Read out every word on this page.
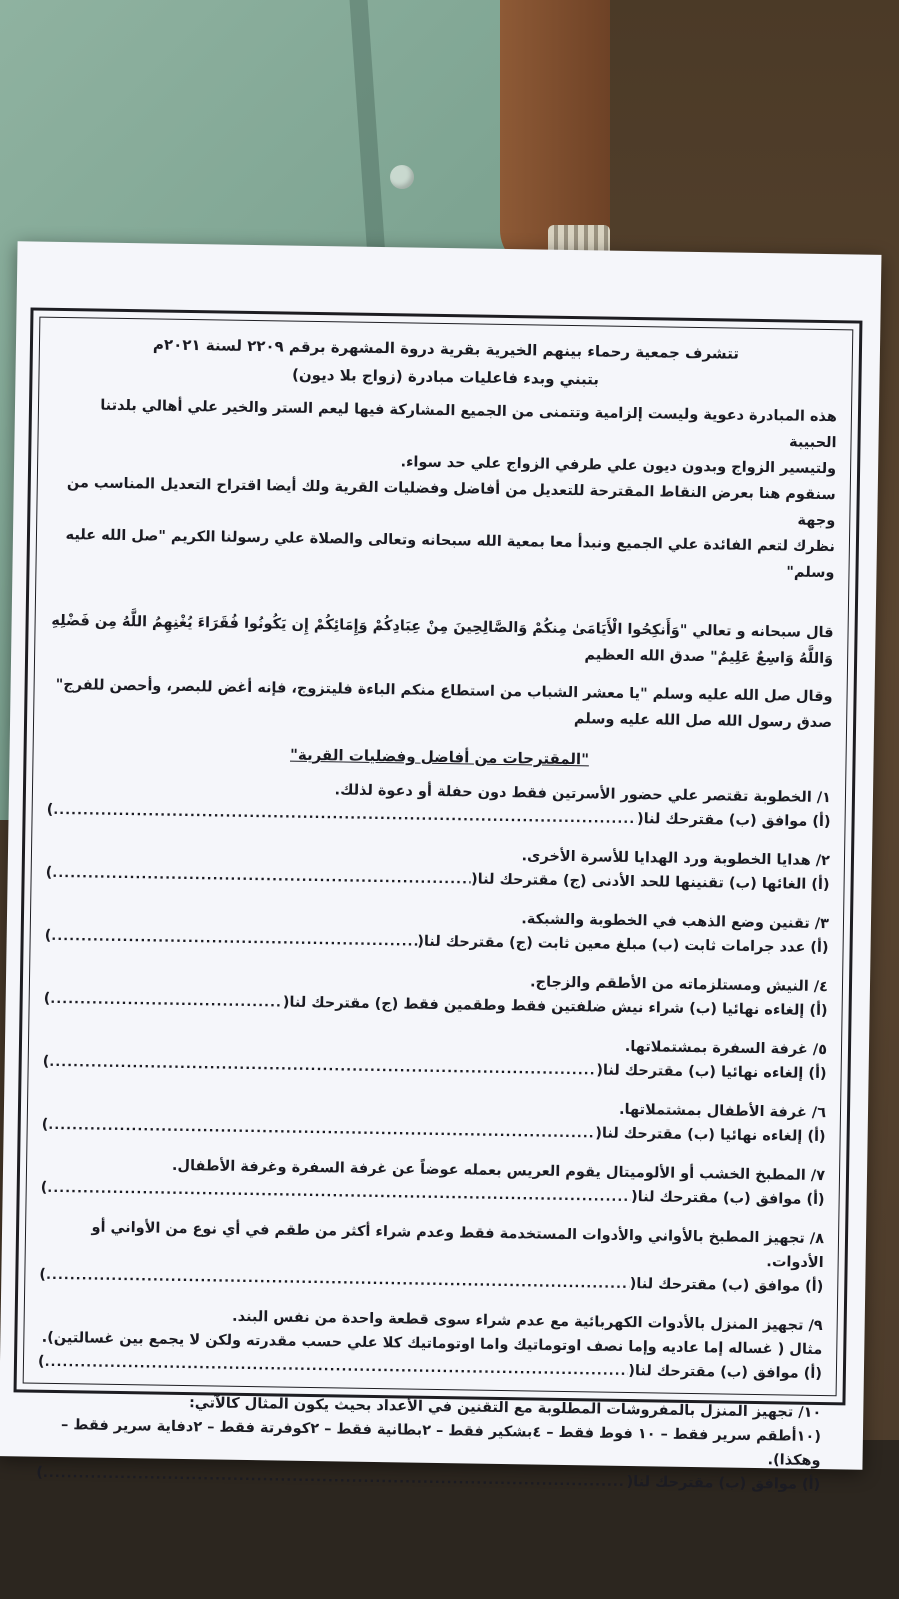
تتشرف جمعية رحماء بينهم الخيرية بقرية دروة المشهرة برقم ٢٢٠٩ لسنة ٢٠٢١م
بتبني وبدء فاعليات مبادرة (زواج بلا ديون)

هذه المبادرة دعوية وليست إلزامية وتتمنى من الجميع المشاركة فيها ليعم الستر والخير علي أهالي بلدتنا الحبيبة

ولتيسير الزواج وبدون ديون علي طرفي الزواج علي حد سواء.

سنقوم هنا بعرض النقاط المقترحة للتعديل من أفاضل وفضليات القرية ولك أيضا اقتراح التعديل المناسب من وجهة

نظرك لتعم الفائدة علي الجميع ونبدأ معا بمعية الله سبحانه وتعالى والصلاة علي رسولنا الكريم "صل الله عليه وسلم"

قال سبحانه و تعالي "وَأَنكِحُوا الْأَيَامَىٰ مِنكُمْ وَالصَّالِحِينَ مِنْ عِبَادِكُمْ وَإِمَائِكُمْ إِن يَكُونُوا فُقَرَاءَ يُغْنِهِمُ اللَّهُ مِن فَضْلِهِ

وَاللَّهُ وَاسِعٌ عَلِيمٌ" صدق الله العظيم

وقال صل الله عليه وسلم "يا معشر الشباب من استطاع منكم الباءة فليتزوج، فإنه أغض للبصر، وأحصن للفرج"

صدق رسول الله صل الله عليه وسلم

"المقترحات من أفاضل وفضليات القرية"
١/ الخطوبة تقتصر علي حضور الأسرتين فقط دون حفلة أو دعوة لذلك.
(أ) موافق (ب) مقترحك لنا(
.....
)
٢/ هدايا الخطوبة ورد الهدايا للأسرة الأخرى.
(أ) الغائها (ب) تقنينها للحد الأدنى (ج) مقترحك لنا(
.....
)
٣/ تقنين وضع الذهب في الخطوبة والشبكة.
(أ) عدد جرامات ثابت (ب) مبلغ معين ثابت (ج) مقترحك لنا(
.....
)
٤/ النيش ومستلزماته من الأطقم والزجاج.
(أ) إلغاءه نهائيا (ب) شراء نيش ضلفتين فقط وطقمين فقط (ج) مقترحك لنا(
.....
)
٥/ غرفة السفرة بمشتملاتها.
(أ) إلغاءه نهائيا (ب) مقترحك لنا(
.....
)
٦/ غرفة الأطفال بمشتملاتها.
(أ) إلغاءه نهائيا (ب) مقترحك لنا(
.....
)
٧/ المطبخ الخشب أو الألوميتال يقوم العريس بعمله عوضاً عن غرفة السفرة وغرفة الأطفال.
(أ) موافق (ب) مقترحك لنا(
.....
)
٨/ تجهيز المطبخ بالأواني والأدوات المستخدمة فقط وعدم شراء أكثر من طقم في أي نوع من الأواني أو الأدوات.
(أ) موافق (ب) مقترحك لنا(
.....
)
٩/ تجهيز المنزل بالأدوات الكهربائية مع عدم شراء سوى قطعة واحدة من نفس البند.
مثال ( غساله إما عاديه وإما نصف اوتوماتيك واما اوتوماتيك كلا علي حسب مقدرته ولكن لا يجمع بين غسالتين).
(أ) موافق (ب) مقترحك لنا(
.....
)
١٠/ تجهيز المنزل بالمفروشات المطلوبة مع التقنين في الأعداد بحيث يكون المثال كالآتي:
(١٠أطقم سرير فقط – ١٠ فوط فقط – ٤بشكير فقط – ٢بطانية فقط – ٢كوفرتة فقط – ٢دفاية سرير فقط – وهكذا).
(أ) موافق (ب) مقترحك لنا(
.....
)
